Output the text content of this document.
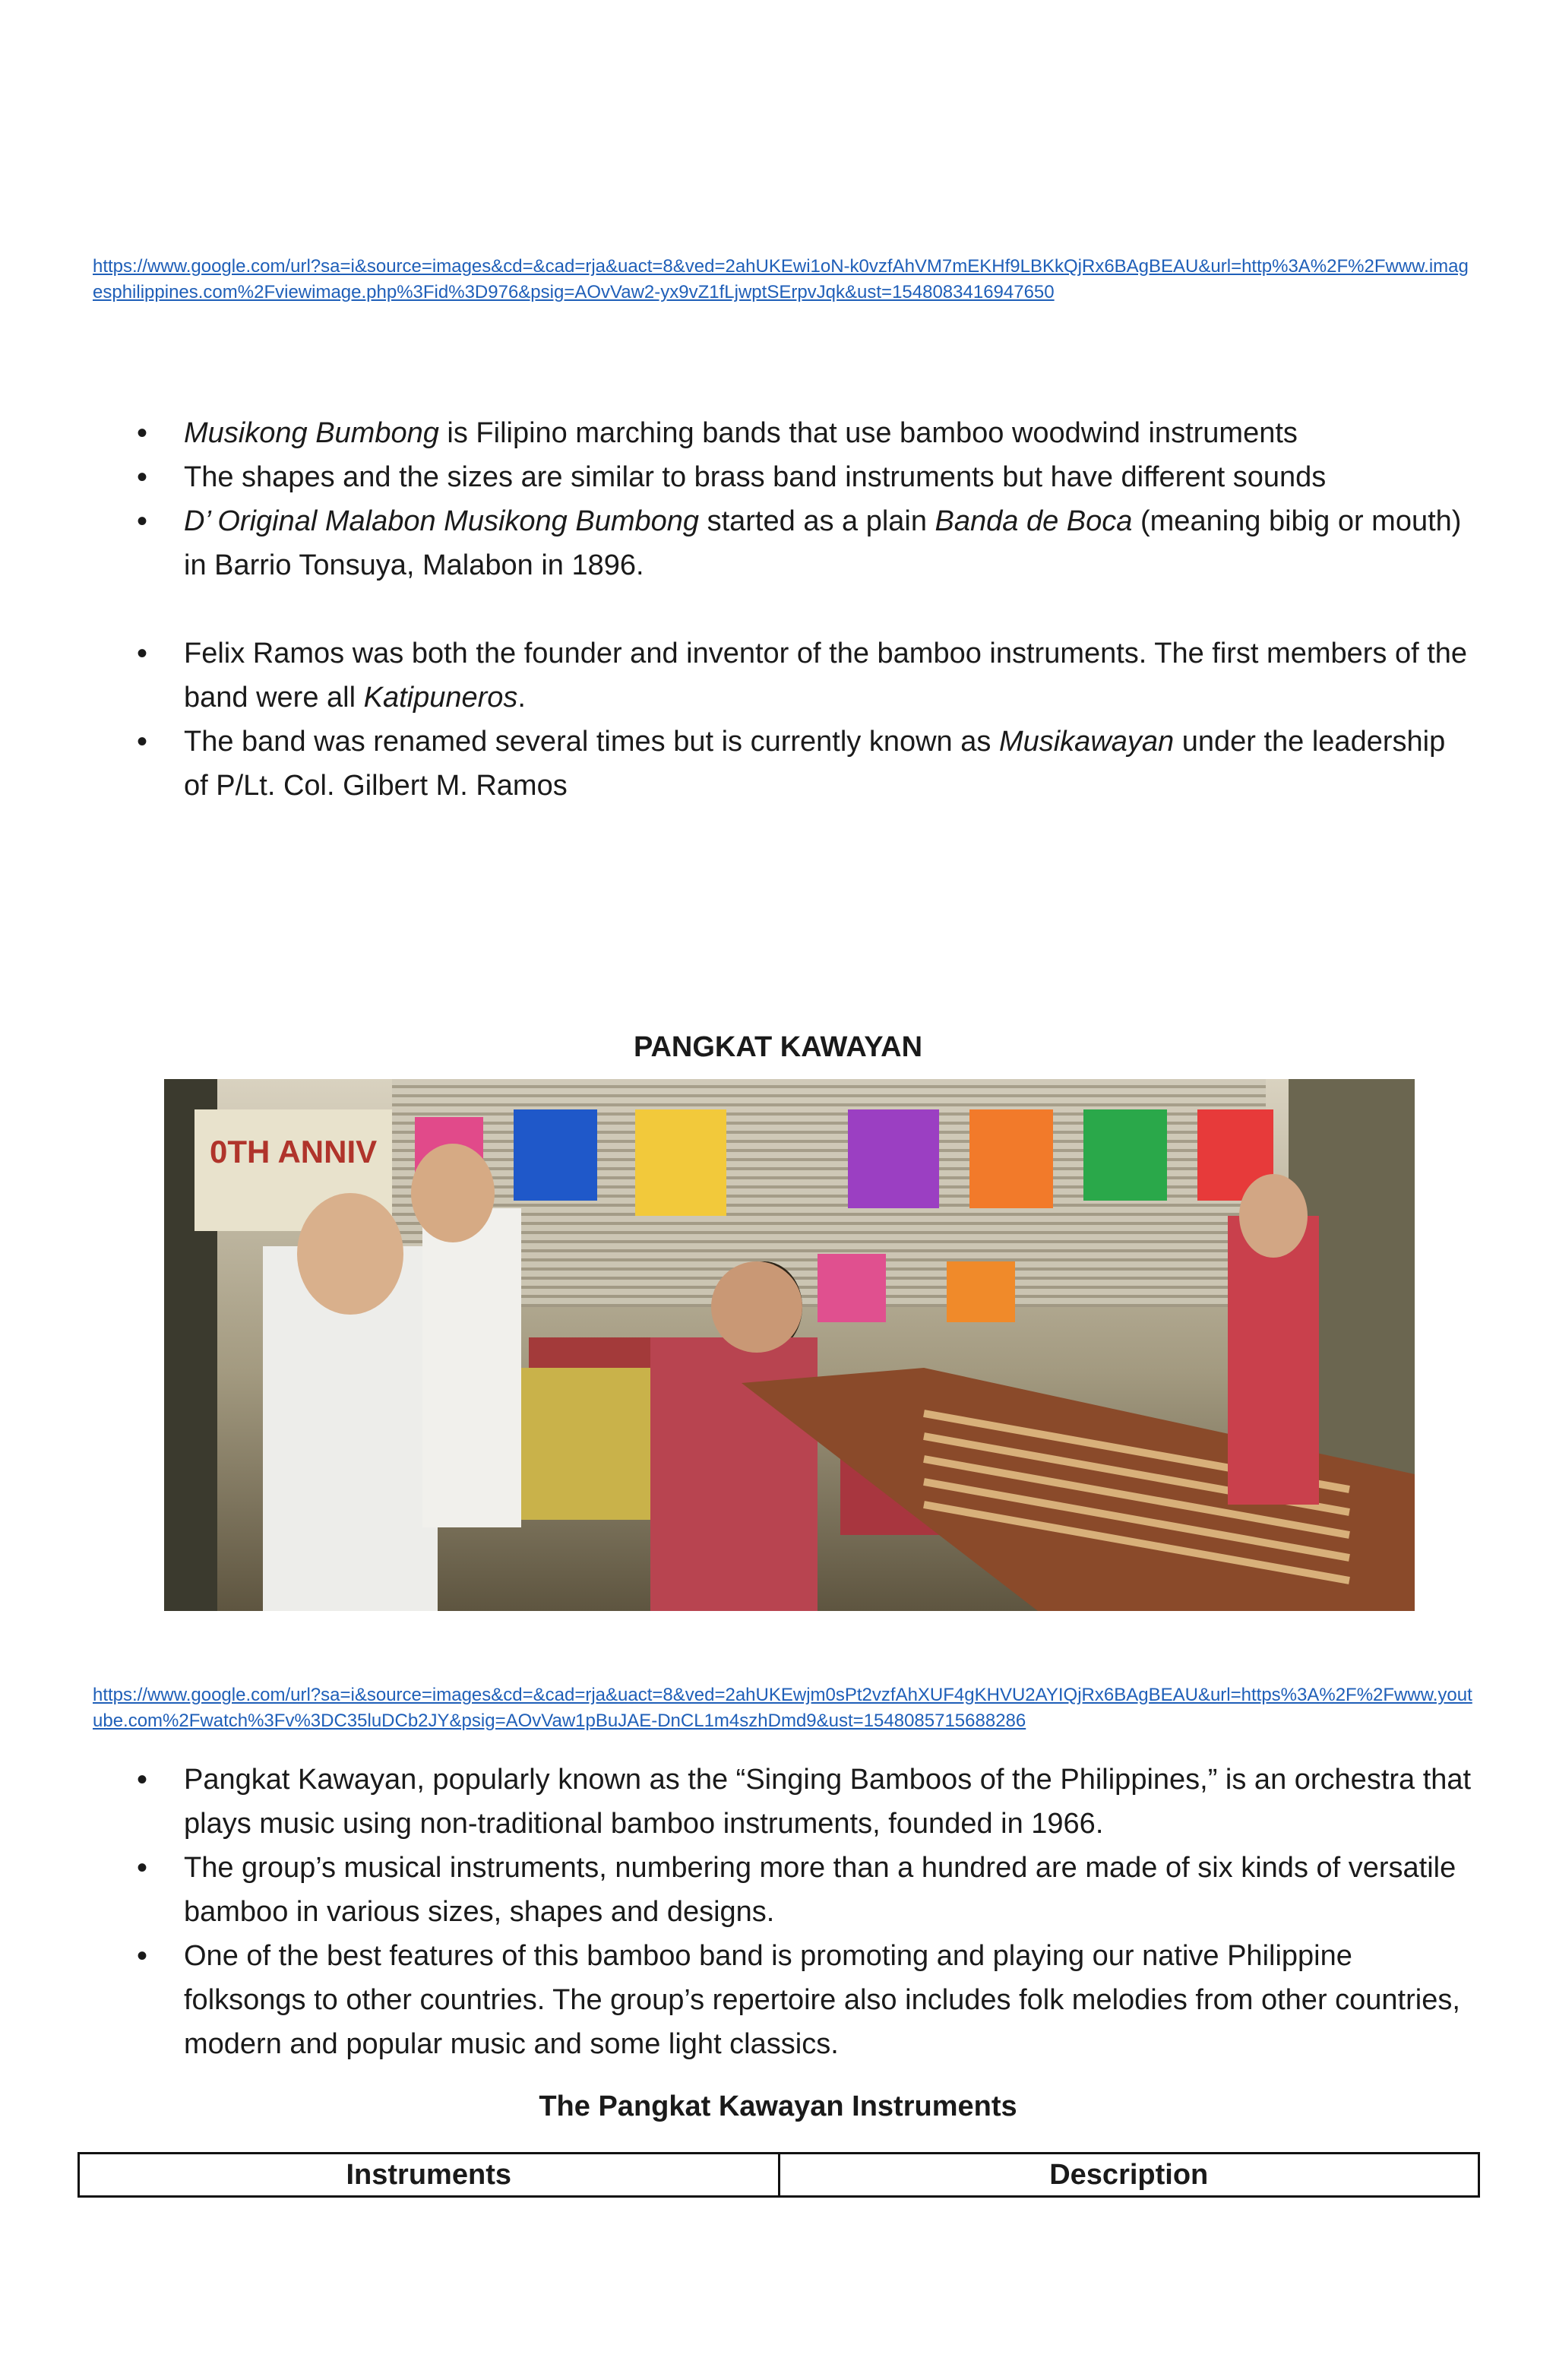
https://www.google.com/url?sa=i&source=images&cd=&cad=rja&uact=8&ved=2ahUKEwi1oN-k0vzfAhVM7mEKHf9LBKkQjRx6BAgBEAU&url=http%3A%2F%2Fwww.imagesphilippines.com%2Fviewimage.php%3Fid%3D976&psig=AOvVaw2-yx9vZ1fLjwptSErpvJqk&ust=1548083416947650
• Musikong Bumbong is Filipino marching bands that use bamboo woodwind instruments
• The shapes and the sizes are similar to brass band instruments but have different sounds
• D’ Original Malabon Musikong Bumbong started as a plain Banda de Boca (meaning bibig or mouth) in Barrio Tonsuya, Malabon in 1896.
• Felix Ramos was both the founder and inventor of the bamboo instruments. The first members of the band were all Katipuneros.
• The band was renamed several times but is currently known as Musikawayan under the leadership of P/Lt. Col. Gilbert M. Ramos
PANGKAT KAWAYAN
0TH ANNIV
https://www.google.com/url?sa=i&source=images&cd=&cad=rja&uact=8&ved=2ahUKEwjm0sPt2vzfAhXUF4gKHVU2AYIQjRx6BAgBEAU&url=https%3A%2F%2Fwww.youtube.com%2Fwatch%3Fv%3DC35luDCb2JY&psig=AOvVaw1pBuJAE-DnCL1m4szhDmd9&ust=1548085715688286
• Pangkat Kawayan, popularly known as the “Singing Bamboos of the Philippines,” is an orchestra that plays music using non-traditional bamboo instruments, founded in 1966.
• The group’s musical instruments, numbering more than a hundred are made of six kinds of versatile bamboo in various sizes, shapes and designs.
• One of the best features of this bamboo band is promoting and playing our native Philippine folksongs to other countries. The group’s repertoire also includes folk melodies from other countries, modern and popular music and some light classics.
The Pangkat Kawayan Instruments
Instruments	Description
